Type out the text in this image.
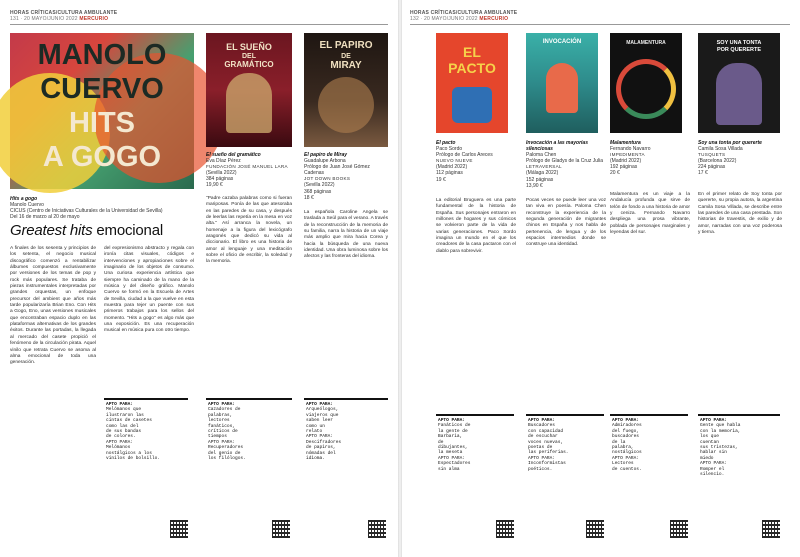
HORAS CRÍTICAS/CULTURA AMBULANTE
131 · 20 MAYO/JUNIO 2022 MERCURIO
MANOLO
CUERVO
HITS
A GOGO
EL SUEÑO
DEL
GRAMÁTICO
EL PAPIRO
DE
MIRAY
Hits a gogo
Manolo Cuervo
CICUS (Centro de Iniciativas Culturales de la Universidad de Sevilla)
Del 16 de marzo al 20 de mayo
Greatest hits emocional
El sueño del gramático
Eva Díaz Pérez
FUNDACIÓN JOSÉ MANUEL LARA
(Sevilla 2022)
384 páginas
19,90 €
El papiro de Miray
Guadalupe Arbona
Prólogo de Juan José Gómez Cadenas
JOT DOWN BOOKS
(Sevilla 2022)
368 páginas
18 €
A finales de los sesenta y principios de los setenta, el negocio musical discográfico comenzó a rentabilizar álbumes compuestos exclusivamente por versiones de los temas de pop y rock más populares. Se trataba de piezas instrumentales interpretadas por grandes orquestas, un enfoque precursor del ambient que años más tarde popularizaría Brian Eno. Con Hits a Gogo, Eno, unas versiones musicales que encontraban espacio duplo en las plataformas alternativas de los grandes éxitos. Durante las portadas, la llegada al mercado del casete propició el fenómeno de la circulación pirata. Aquel vinilo que retrata Cuervo se asoma al alma emocional de toda una generación.
del expresionismo abstracto y regala con ironía citas visuales, códigos e intervenciones y apropiaciones sobre el imaginario de los objetos de consumo. Una curiosa experiencia artística que siempre ha caminado de la mano de la música y del diseño gráfico. Manolo Cuervo se formó en la Escuela de Artes de Sevilla, ciudad a la que vuelve en esta muestra para tejer un puente con sus primeros trabajos para los sellos del momento. "Hits a gogo" es algo más que una exposición. Es una recuperación musical en música pura con otro tiempo.
"Padre cazaba palabras como si fueran mariposas. Ponía de las que atesoraba en las paredes de su casa, y después de leerlas las repetía en la mesa en voz alta." Así arranca la novela, un homenaje a la figura del lexicógrafo aragonés que dedicó su vida al diccionario. El libro es una historia de amor al lenguaje y una meditación sobre el oficio de escribir, la soledad y la memoria.
La española Caroline Angela se traslada a Seúl para el verano. A través de la reconstrucción de la memoria de su familia, narra la historia de un viaje más amplio que mira hacia Corea y hacia la búsqueda de una nueva identidad. Una obra luminosa sobre los afectos y las fronteras del idioma.
APTO PARA:
Melómanos que
ilustraron las
cintas de casetes
como las del
de sus bandas
de colores.
APTO PARA:
Melómanos
nostálgicos a los
vinilos de bolsillo.
APTO PARA:
Cazadores de
palabras,
lectores
fanáticos,
críticos de
tiempos
APTO PARA:
Recuperadores
del genio de
los filólogos.
APTO PARA:
Arqueólogos,
viajeros que
saben leer
como un
relato
APTO PARA:
Descifradores
de papiros,
nómadas del
idioma.
HORAS CRÍTICAS/CULTURA AMBULANTE
132 · 20 MAYO/JUNIO 2022 MERCURIO
EL
PACTO
INVOCACIÓN	MALAMENTURA	SOY UNA TONTA
POR QUERERTE
El pacto
Paco Sordo
Prólogo de Carlos Areces
NUEVO NUEVE
(Madrid 2022)
112 páginas
19 €
Invocación a las mayorías silenciosas
Paloma Chen
Prólogo de Gladys de la Cruz Julia
LETRAVERSAL
(Málaga 2022)
152 páginas
13,90 €
Malamentura
Fernando Navarro
IMPEDIMENTA
(Madrid 2022)
192 páginas
20 €
Soy una tonta por quererte
Camila Sosa Villada
TUSQUETS
(Barcelona 2022)
224 páginas
17 €
La editorial Bruguera es una parte fundamental de la historia de España. Sus personajes entraron en millones de hogares y sus cómicos se volvieron parte de la vida de varias generaciones. Paco Sordo imagina un mundo en el que los creadores de la casa pactaron con el diablo para sobrevivir.
Pocas veces se puede leer una voz tan viva en poesía. Paloma Chen reconstruye la experiencia de la segunda generación de migrantes chinos en España y nos habla de pertenencia, de lengua y de los espacios intermedios donde se construye una identidad.
Malamentura es un viaje a la Andalucía profunda que sirve de telón de fondo a una historia de amor y ceniza. Fernando Navarro despliega una prosa vibrante, poblada de personajes marginales y leyendas del sur.
En el primer relato de Soy tonta por quererte, su propia autora, la argentina Camila Sosa Villada, se describe entre las paredes de una casa prestada. Son historias de travestis, de exilio y de amor, narradas con una voz poderosa y tierna.
APTO PARA:
Fanáticos de
la gente de
Barbaria,
de
dibujantes,
la meseta
APTO PARA:
Espectadores
sin alma
APTO PARA:
Buscadores
con capacidad
de escuchar
voces nuevas,
poetas de
las periferias.
APTO PARA:
Inconformistas
poéticos.
APTO PARA:
Admiradores
del fuego,
buscadores
de la
palabra,
nostálgicos
APTO PARA:
Lectores
de cuentos.
APTO PARA:
Gente que habla
con la memoria,
los que
cuentan
sus tristezas,
hablar sin
miedo
APTO PARA:
Romper el
silencio.
